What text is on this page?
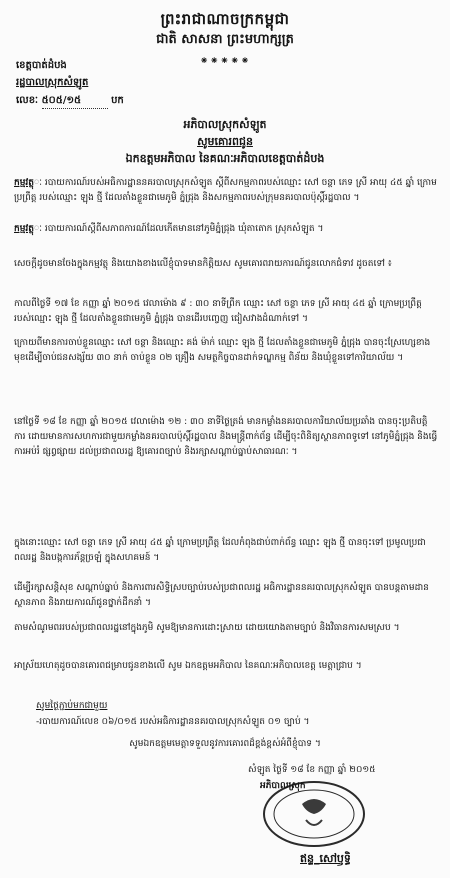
ព្រះរាជាណាចក្រកម្ពុជា
ជាតិ សាសនា ព្រះមហាក្សត្រ
⁕⁕⁕⁕⁕
ខេត្តបាត់ដំបង
រដ្ឋបាលស្រុកសំឡូត
លេខៈ ៥០៥/១៥	បក
អភិបាលស្រុកសំឡូត
សូមគោរពជូន
ឯកឧត្តមអភិបាល នៃគណៈអភិបាលខេត្តបាត់ដំបង
កម្មវត្ថុៈ របាយការណ៍របស់អធិការដ្ឋាននគរបាលស្រុកសំឡូត ស្តីពីសកម្មភាពរបស់ឈ្មោះ សៅ ចន្ថា ភេទ ស្រី អាយុ ៤៥ ឆ្នាំ ក្រោមប្រព្រឹត្ត របស់ឈ្មោះ ឡុង ថ្មី ដែលតាំងខ្លួនជាមេភូមិ ភ្នំជ្រុង និងសកម្មភាពរបស់ក្រុមនគរបាលប៉ុស្តិ៍រដ្ឋបាល ។
កម្មវត្ថុៈ របាយការណ៍ស្តីពីសភាពការណ៍ដែលកើតមាននៅភូមិភ្នំជ្រុង ឃុំតាតោក ស្រុកសំឡូត ។
សេចក្តីដូចមានចែងក្នុងកម្មវត្ថុ និងយោងខាងលើខ្ញុំបាទមានកិត្តិយស សូមគោរពរាយការណ៍ជូនលោកជំទាវ ដូចតទៅ ៖
កាលពីថ្ងៃទី ១៧ ខែ កញ្ញា ឆ្នាំ ២០១៥ វេលាម៉ោង ៩ : ៣០ នាទីព្រឹក ឈ្មោះ សៅ ចន្ថា ភេទ ស្រី អាយុ ៤៥ ឆ្នាំ ក្រោមប្រព្រឹត្ត របស់ឈ្មោះ ឡុង ថ្មី ដែលតាំងខ្លួនជាមេភូមិ ភ្នំជ្រុង បានដើរបញ្ចេញ ជៀសវាងដំណាក់ទៅ ។
ក្រោយពីមានការចាប់ខ្លួនឈ្មោះ សៅ ចន្ថា និងឈ្មោះ គង់ ម៉ាក់ ឈ្មោះ ឡុង ថ្មី ដែលតាំងខ្លួនជាមេភូមិ ភ្នំជ្រុង បានចុះស្រែហ្សេខាងមុខដើម្បីចាប់ជនសង្ស័យ ៣០ នាក់ ចាប់ខ្លួន ០២ គ្រឿង សមត្ថកិច្ចបានដាក់ទណ្ឌកម្ម ពិន័យ និងឃុំខ្លួនទៅការិយាល័យ ។
នៅថ្ងៃទី ១៨ ខែ កញ្ញា ឆ្នាំ ២០១៥ វេលាម៉ោង ១២ : ៣០ នាទីថ្ងៃត្រង់ មានកម្លាំងនគរបាលការិយាល័យប្រឆាំង បានចុះប្រតិបត្តិការ ដោយមានការសហការជាមួយកម្លាំងនគរបាលប៉ុស្តិ៍រដ្ឋបាល និងមន្ត្រីពាក់ព័ន្ធ ដើម្បីចុះពិនិត្យស្ថានភាពទូទៅ នៅភូមិភ្នំជ្រុង និងធ្វើការអប់រំ ផ្សព្វផ្សាយ ដល់ប្រជាពលរដ្ឋ ឱ្យគោរពច្បាប់ និងរក្សាសណ្តាប់ធ្នាប់សាធារណៈ ។
ក្នុងនោះឈ្មោះ សៅ ចន្ថា ភេទ ស្រី អាយុ ៤៥ ឆ្នាំ ក្រោមប្រព្រឹត្ត ដែលកំពុងជាប់ពាក់ព័ន្ធ ឈ្មោះ ឡុង ថ្មី បានចុះទៅ ប្រមូលប្រជាពលរដ្ឋ និងបង្កការភ័ន្តច្រឡំ ក្នុងសហគមន៍ ។
ដើម្បីរក្សាសន្តិសុខ សណ្តាប់ធ្នាប់ និងការពារសិទ្ធិស្របច្បាប់របស់ប្រជាពលរដ្ឋ អធិការដ្ឋាននគរបាលស្រុកសំឡូត បានបន្តតាមដានស្ថានភាព និងរាយការណ៍ជូនថ្នាក់ដឹកនាំ ។
តាមសំណូមពររបស់ប្រជាពលរដ្ឋនៅក្នុងភូមិ សូមឱ្យមានការដោះស្រាយ ដោយយោងតាមច្បាប់ និងវិធានការសមស្រប ។
អាស្រ័យហេតុដូចបានគោរពជម្រាបជូនខាងលើ សូម ឯកឧត្តមអភិបាល នៃគណៈអភិបាលខេត្ត មេត្តាជ្រាប ។
សូមថ្ងៃភ្ជាប់មកជាមួយ
-របាយការណ៍លេខ ០៦/០១៥ របស់អធិការដ្ឋាននគរបាលស្រុកសំឡូត ០១ ច្បាប់ ។
សូមឯកឧត្តមមេត្តាទទួលនូវការគោរពដ៏ខ្ពង់ខ្ពស់អំពីខ្ញុំបាទ ។
សំឡូត ថ្ងៃទី ១៨ ខែ កញ្ញា ឆ្នាំ ២០១៥
អភិបាលស្រុក
ឥន្ទ_សៅឫទ្ធិ
